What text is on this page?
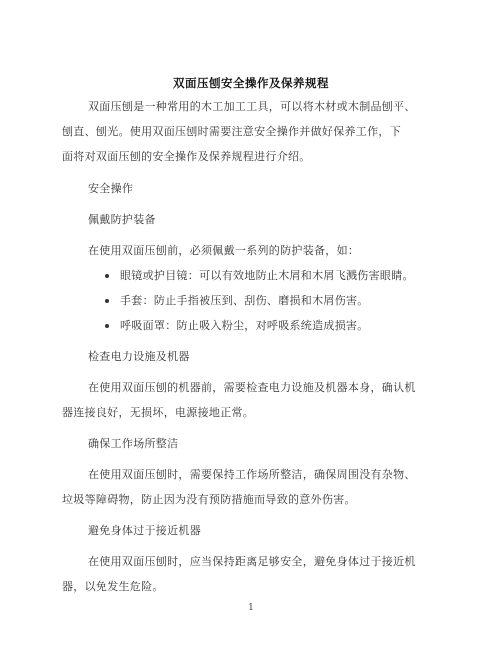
双面压刨安全操作及保养规程
双面压刨是一种常用的木工加工工具，可以将木材或木制品刨平、
刨直、刨光。使用双面压刨时需要注意安全操作并做好保养工作，下
面将对双面压刨的安全操作及保养规程进行介绍。
安全操作
佩戴防护装备
在使用双面压刨前，必须佩戴一系列的防护装备，如：
眼镜或护目镜：可以有效地防止木屑和木屑飞溅伤害眼睛。
手套：防止手指被压到、刮伤、磨损和木屑伤害。
呼吸面罩：防止吸入粉尘，对呼吸系统造成损害。
检查电力设施及机器
在使用双面压刨的机器前，需要检查电力设施及机器本身，确认机
器连接良好，无损坏，电源接地正常。
确保工作场所整洁
在使用双面压刨时，需要保持工作场所整洁，确保周围没有杂物、
垃圾等障碍物，防止因为没有预防措施而导致的意外伤害。
避免身体过于接近机器
在使用双面压刨时，应当保持距离足够安全，避免身体过于接近机
器，以免发生危险。
1
